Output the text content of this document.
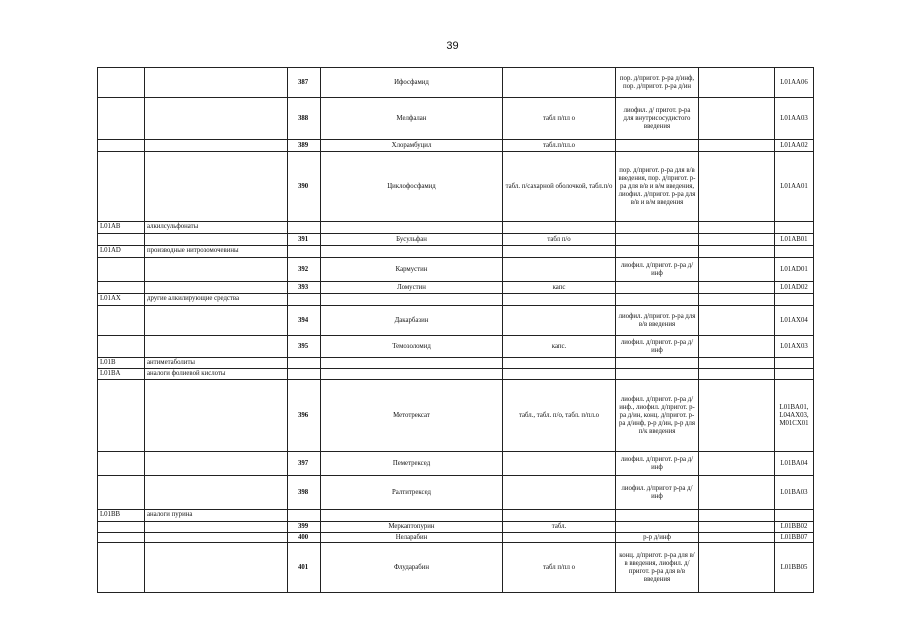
39
		387	Ифосфамид		пор. д/пригот. р-ра д/инф, пор. д/пригот. р-ра д/ин		L01AA06
		388	Мелфалан	табл п/пл о	лиофил. д/ пригот. р-ра для внутрисосудистого введения		L01AA03
		389	Хлорамбуцил	табл.п/пл.о			L01AA02
		390	Циклофосфамид	табл. п/сахарной оболочкой, табл.п/о	пор. д/пригот. р-ра для в/в введения, пор. д/пригот. р-ра для в/в и в/м введения, лиофил. д/пригот. р-ра для в/в и в/м введения		L01AA01
L01AB	алкилсульфонаты						
		391	Бусульфан	табл п/о			L01AB01
L01AD	производные нитрозомочевины						
		392	Кармустин		лиофил. д/пригот. р-ра д/инф		L01AD01
		393	Ломустин	капс			L01AD02
L01AX	другие алкилирующие средства						
		394	Дакарбазин		лиофил. д/пригот. р-ра для в/в введения		L01AX04
		395	Темозоломид	капс.	лиофил. д/пригот. р-ра д/инф		L01AX03
L01B	антиметаболиты						
L01BA	аналоги фолиевой кислоты						
		396	Метотрексат	табл., табл. п/о, табл. п/пл.о	лиофил. д/пригот. р-ра д/инф., лиофил. д/пригот. р-ра д/ин, конц. д/пригот. р-ра д/инф, р-р д/ин, р-р для п/к введения		L01BA01, L04AX03, M01CX01
		397	Пеметрексед		лиофил. д/пригот. р-ра д/инф		L01BA04
		398	Ралтитрексед		лиофил. д/пригот р-ра д/инф		L01BA03
L01BB	аналоги пурина						
		399	Меркаптопурин	табл.			L01BB02
		400	Неларабин		р-р д/инф		L01BB07
		401	Флударабин	табл п/пл о	конц. д/пригот. р-ра для в/в введения, лиофил. д/пригот. р-ра для в/в введения		L01BB05
